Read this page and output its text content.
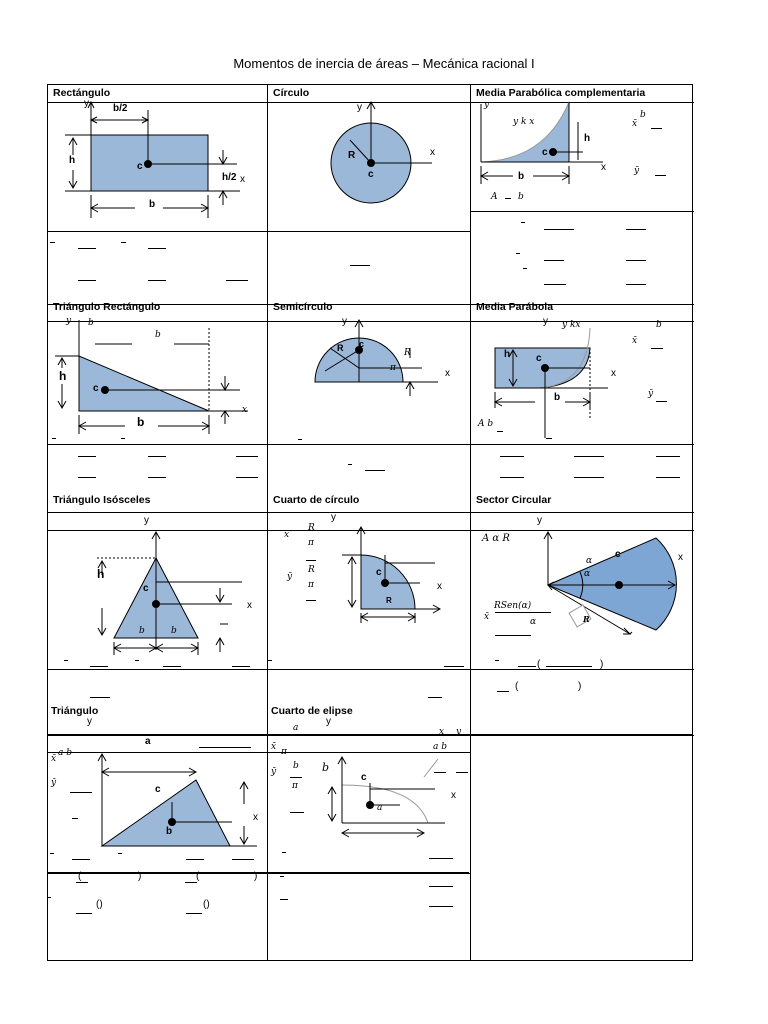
Momentos de inercia de áreas – Mecánica racional I
Rectángulo	Círculo	Media Parabólica complementaria
y b/2
h
c
h/2 x
b
y
x
R
c
y
y k x
h
c
x
b
x̄
b
ȳ
A b
Triángulo Rectángulo	Semicírculo	Media Parábola
y b
b
h
c
b
x
y
R c
R
π	x
y y kx	b
h	c
x
b
x̄
ȳ
A b
Triángulo Isósceles	Cuarto de círculo	Sector Circular
y
h
c
x
b	b
y
x̄
R
π
ȳ
R
π
c
x
R
y
A α R
α
α
c	x
x̄
RSen(α)
α	R
(	)
(	)
Triángulo	Cuarto de elipse
y
a
x̄
a b
ȳ
c
b
x
(	)	(	)
()	()
y
a	x y
a b
x̄ π
ȳ
b
π
b
c
a
x
